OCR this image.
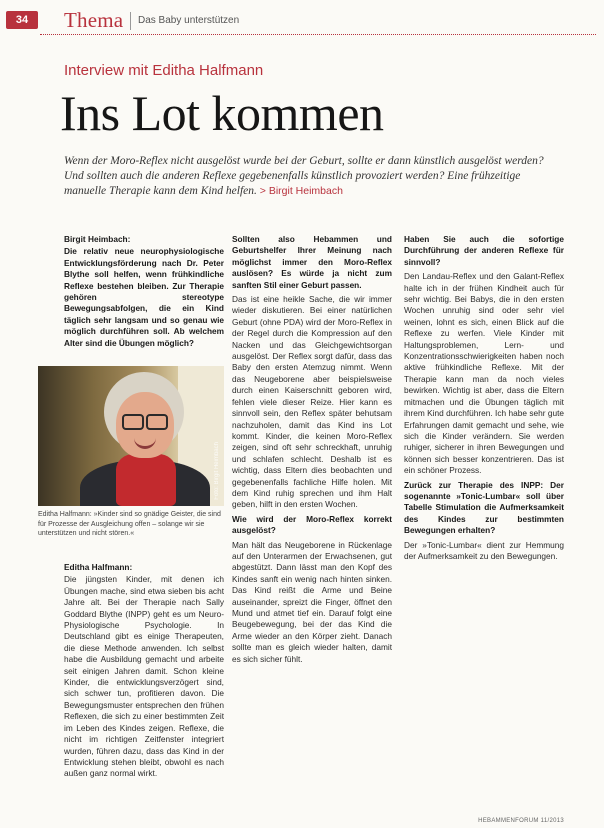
34	Thema Das Baby unterstützen
Interview mit Editha Halfmann
Ins Lot kommen
Wenn der Moro-Reflex nicht ausgelöst wurde bei der Geburt, sollte er dann künstlich ausgelöst werden? Und sollten auch die anderen Reflexe gegebenenfalls künstlich provoziert werden? Eine frühzeitige manuelle Therapie kann dem Kind helfen. > Birgit Heimbach
Birgit Heimbach:

Die relativ neue neurophysiologische Entwicklungsförderung nach Dr. Peter Blythe soll helfen, wenn frühkindliche Reflexe bestehen bleiben. Zur Therapie gehören stereotype Bewegungsabfolgen, die ein Kind täglich sehr langsam und so genau wie möglich durchführen soll. Ab welchem Alter sind die Übungen möglich?

Foto: Birgit Heimbach
Editha Halfmann: »Kinder sind so gnädige Geister, die sind für Prozesse der Ausgleichung offen – solange wir sie unterstützen und nicht stören.«
Editha Halfmann:

Die jüngsten Kinder, mit denen ich Übungen mache, sind etwa sieben bis acht Jahre alt. Bei der Therapie nach Sally Goddard Blythe (INPP) geht es um Neuro-Physiologische Psychologie. In Deutschland gibt es einige Therapeuten, die diese Methode anwenden. Ich selbst habe die Ausbildung gemacht und arbeite seit einigen Jahren damit. Schon kleine Kinder, die entwicklungsverzögert sind, sich schwer tun, profitieren davon. Die Bewegungsmuster entsprechen den frühen Reflexen, die sich zu einer bestimmten Zeit im Leben des Kindes zeigen. Reflexe, die nicht im richtigen Zeitfenster integriert wurden, führen dazu, dass das Kind in der Entwicklung stehen bleibt, obwohl es nach außen ganz normal wirkt.

Sollten also Hebammen und Geburtshelfer Ihrer Meinung nach möglichst immer den Moro-Reflex auslösen? Es würde ja nicht zum sanften Stil einer Geburt passen.

Das ist eine heikle Sache, die wir immer wieder diskutieren. Bei einer natürlichen Geburt (ohne PDA) wird der Moro-Reflex in der Regel durch die Kompression auf den Nacken und das Gleichgewichtsorgan ausgelöst. Der Reflex sorgt dafür, dass das Baby den ersten Atemzug nimmt. Wenn das Neugeborene aber beispielsweise durch einen Kaiserschnitt geboren wird, fehlen viele dieser Reize. Hier kann es sinnvoll sein, den Reflex später behutsam nachzuholen, damit das Kind ins Lot kommt. Kinder, die keinen Moro-Reflex zeigen, sind oft sehr schreckhaft, unruhig und schlafen schlecht. Deshalb ist es wichtig, dass Eltern dies beobachten und gegebenenfalls fachliche Hilfe holen. Mit dem Kind ruhig sprechen und ihm Halt geben, hilft in den ersten Wochen.

Wie wird der Moro-Reflex korrekt ausgelöst?

Man hält das Neugeborene in Rückenlage auf den Unterarmen der Erwachsenen, gut abgestützt. Dann lässt man den Kopf des Kindes sanft ein wenig nach hinten sinken. Das Kind reißt die Arme und Beine auseinander, spreizt die Finger, öffnet den Mund und atmet tief ein. Darauf folgt eine Beugebewegung, bei der das Kind die Arme wieder an den Körper zieht. Danach sollte man es gleich wieder halten, damit es sich sicher fühlt.

Haben Sie auch die sofortige Durchführung der anderen Reflexe für sinnvoll?

Den Landau-Reflex und den Galant-Reflex halte ich in der frühen Kindheit auch für sehr wichtig. Bei Babys, die in den ersten Wochen unruhig sind oder sehr viel weinen, lohnt es sich, einen Blick auf die Reflexe zu werfen. Viele Kinder mit Haltungsproblemen, Lern- und Konzentrationsschwierigkeiten haben noch aktive frühkindliche Reflexe. Mit der Therapie kann man da noch vieles bewirken. Wichtig ist aber, dass die Eltern mitmachen und die Übungen täglich mit ihrem Kind durchführen. Ich habe sehr gute Erfahrungen damit gemacht und sehe, wie sich die Kinder verändern. Sie werden ruhiger, sicherer in ihren Bewegungen und können sich besser konzentrieren. Das ist ein schöner Prozess.

Zurück zur Therapie des INPP: Der sogenannte »Tonic-Lumbar« soll über Tabelle Stimulation die Aufmerksamkeit des Kindes zur bestimmten Bewegungen erhalten?

Der »Tonic-Lumbar« dient zur Hemmung der Aufmerksamkeit zu den Bewegungen.

HEBAMMENFORUM 11/2013
